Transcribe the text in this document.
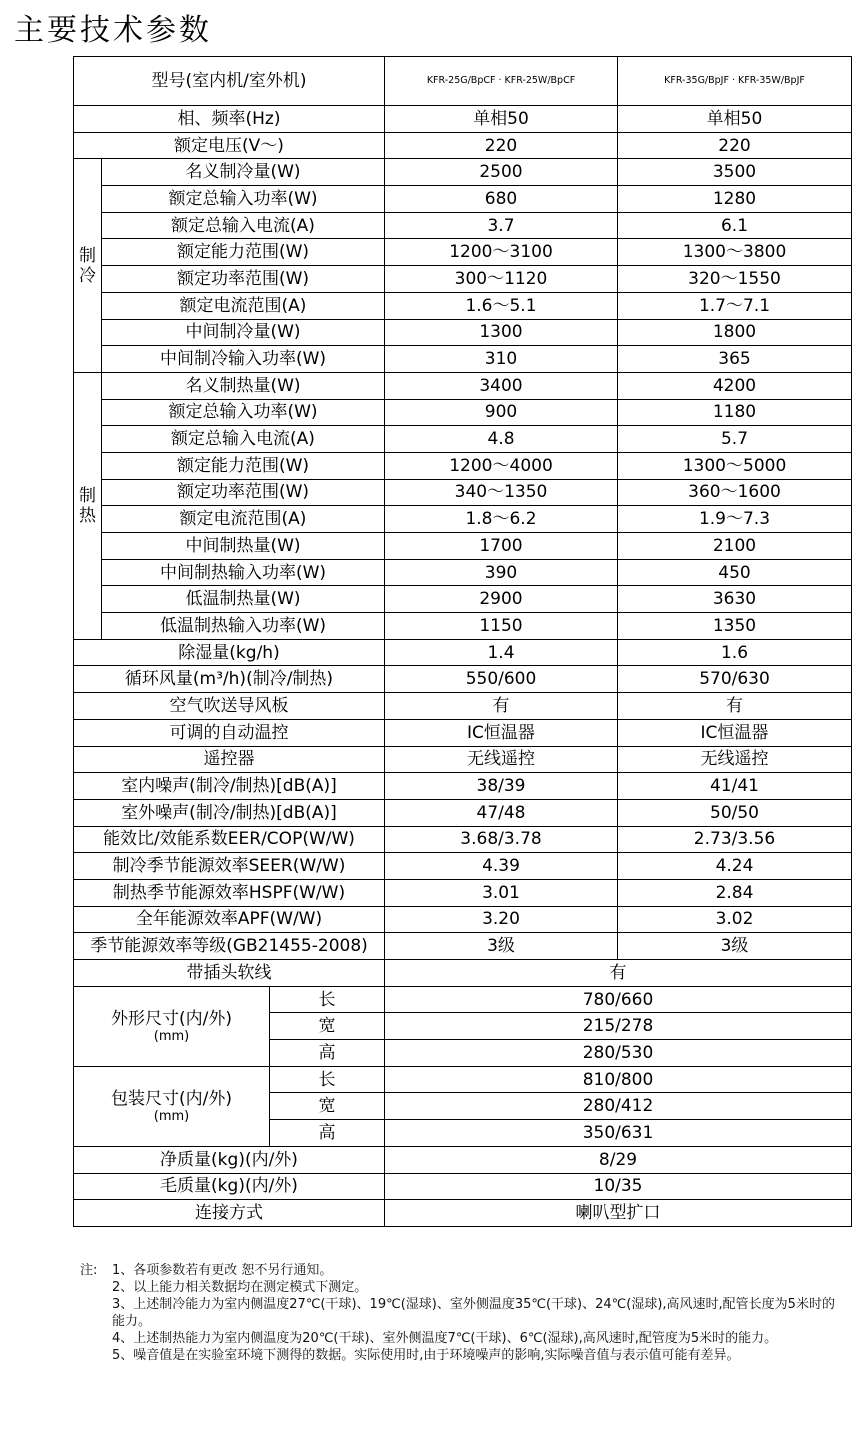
主要技术参数
型号(室内机/室外机)			KFR-25G/BpCF · KFR-25W/BpCF	KFR-35G/BpJF · KFR-35W/BpJF
相、频率(Hz)			单相50	单相50
额定电压(V～)			220	220
制
冷	名义制冷量(W)		2500	3500
	额定总输入功率(W)		680	1280
	额定总输入电流(A)		3.7	6.1
	额定能力范围(W)		1200～3100	1300～3800
	额定功率范围(W)		300～1120	320～1550
	额定电流范围(A)		1.6～5.1	1.7～7.1
	中间制冷量(W)		1300	1800
	中间制冷输入功率(W)		310	365
制
热	名义制热量(W)		3400	4200
	额定总输入功率(W)		900	1180
	额定总输入电流(A)		4.8	5.7
	额定能力范围(W)		1200～4000	1300～5000
	额定功率范围(W)		340～1350	360～1600
	额定电流范围(A)		1.8～6.2	1.9～7.3
	中间制热量(W)		1700	2100
	中间制热输入功率(W)		390	450
	低温制热量(W)		2900	3630
	低温制热输入功率(W)		1150	1350
除湿量(kg/h)			1.4	1.6
循环风量(m³/h)(制冷/制热)			550/600	570/630
空气吹送导风板			有	有
可调的自动温控			IC恒温器	IC恒温器
遥控器			无线遥控	无线遥控
室内噪声(制冷/制热)[dB(A)]			38/39	41/41
室外噪声(制冷/制热)[dB(A)]			47/48	50/50
能效比/效能系数EER/COP(W/W)			3.68/3.78	2.73/3.56
制冷季节能源效率SEER(W/W)			4.39	4.24
制热季节能源效率HSPF(W/W)			3.01	2.84
全年能源效率APF(W/W)			3.20	3.02
季节能源效率等级(GB21455-2008)			3级	3级
带插头软线			有	

外形尺寸(内/外)
(mm)		长	780/660	
		宽	215/278	
		高	280/530	

包装尺寸(内/外)
(mm)		长	810/800	
		宽	280/412	
		高	350/631	
净质量(kg)(内/外)			8/29	
毛质量(kg)(内/外)			10/35	
连接方式			喇叭型扩口	
注: 1、各项参数若有更改 恕不另行通知。
2、以上能力相关数据均在测定模式下测定。
3、上述制冷能力为室内侧温度27℃(干球)、19℃(湿球)、室外侧温度35℃(干球)、24℃(湿球),高风速时,配管长度为5米时的能力。
4、上述制热能力为室内侧温度为20℃(干球)、室外侧温度7℃(干球)、6℃(湿球),高风速时,配管度为5米时的能力。
5、噪音值是在实验室环境下测得的数据。实际使用时,由于环境噪声的影响,实际噪音值与表示值可能有差异。
